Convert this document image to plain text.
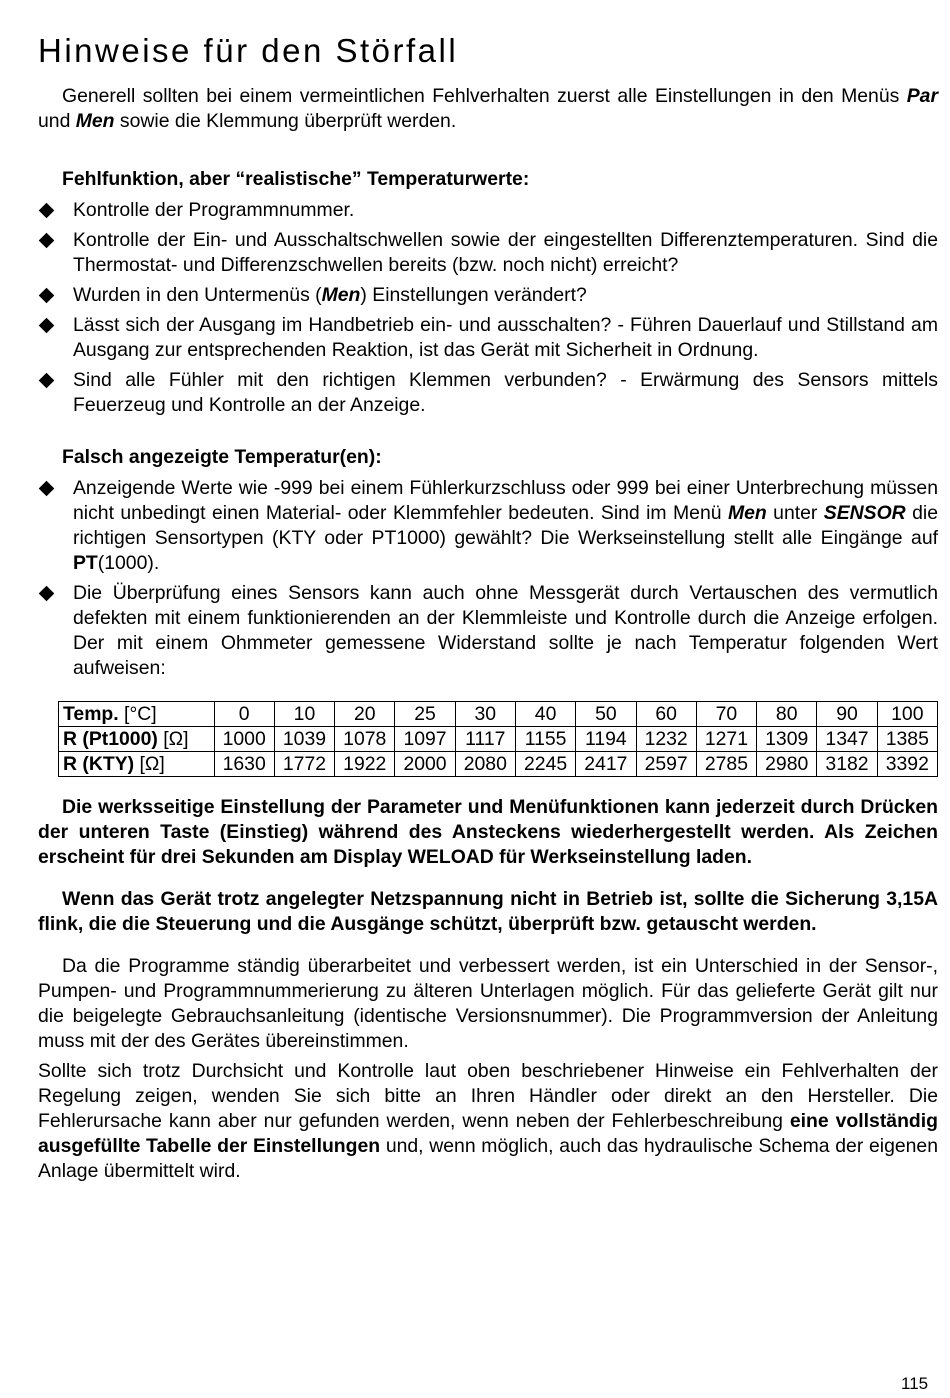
Hinweise für den Störfall

Generell sollten bei einem vermeintlichen Fehlverhalten zuerst alle Einstellungen in den Menüs Par und Men sowie die Klemmung überprüft werden.

Fehlfunktion, aber “realistische” Temperaturwerte:
Kontrolle der Programmnummer.
Kontrolle der Ein- und Ausschaltschwellen sowie der eingestellten Differenztemperaturen. Sind die Thermostat- und Differenzschwellen bereits (bzw. noch nicht) erreicht?
Wurden in den Untermenüs (Men) Einstellungen verändert?
Lässt sich der Ausgang im Handbetrieb ein- und ausschalten? - Führen Dauerlauf und Stillstand am Ausgang zur entsprechenden Reaktion, ist das Gerät mit Sicherheit in Ordnung.
Sind alle Fühler mit den richtigen Klemmen verbunden? - Erwärmung des Sensors mittels Feuerzeug und Kontrolle an der Anzeige.
Falsch angezeigte Temperatur(en):
Anzeigende Werte wie -999 bei einem Fühlerkurzschluss oder 999 bei einer Unterbrechung müssen nicht unbedingt einen Material- oder Klemmfehler bedeuten. Sind im Menü Men unter SENSOR die richtigen Sensortypen (KTY oder PT1000) gewählt? Die Werkseinstellung stellt alle Eingänge auf PT(1000).
Die Überprüfung eines Sensors kann auch ohne Messgerät durch Vertauschen des vermutlich defekten mit einem funktionierenden an der Klemmleiste und Kontrolle durch die Anzeige erfolgen. Der mit einem Ohmmeter gemessene Widerstand sollte je nach Temperatur folgenden Wert aufweisen:
Temp. [°C]	0	10	20	25	30	40	50	60	70	80	90	100
R (Pt1000) [Ω]	1000	1039	1078	1097	1117	1155	1194	1232	1271	1309	1347	1385
R (KTY) [Ω]	1630	1772	1922	2000	2080	2245	2417	2597	2785	2980	3182	3392

Die werksseitige Einstellung der Parameter und Menüfunktionen kann jederzeit durch Drücken der unteren Taste (Einstieg) während des Ansteckens wiederhergestellt werden. Als Zeichen erscheint für drei Sekunden am Display WELOAD für Werkseinstellung laden.

Wenn das Gerät trotz angelegter Netzspannung nicht in Betrieb ist, sollte die Sicherung 3,15A flink, die die Steuerung und die Ausgänge schützt, überprüft bzw. getauscht werden.

Da die Programme ständig überarbeitet und verbessert werden, ist ein Unterschied in der Sensor-, Pumpen- und Programmnummerierung zu älteren Unterlagen möglich. Für das gelieferte Gerät gilt nur die beigelegte Gebrauchsanleitung (identische Versionsnummer). Die Programmversion der Anleitung muss mit der des Gerätes übereinstimmen.

Sollte sich trotz Durchsicht und Kontrolle laut oben beschriebener Hinweise ein Fehlverhalten der Regelung zeigen, wenden Sie sich bitte an Ihren Händler oder direkt an den Hersteller. Die Fehlerursache kann aber nur gefunden werden, wenn neben der Fehlerbeschreibung eine vollständig ausgefüllte Tabelle der Einstellungen und, wenn möglich, auch das hydraulische Schema der eigenen Anlage übermittelt wird.

115
